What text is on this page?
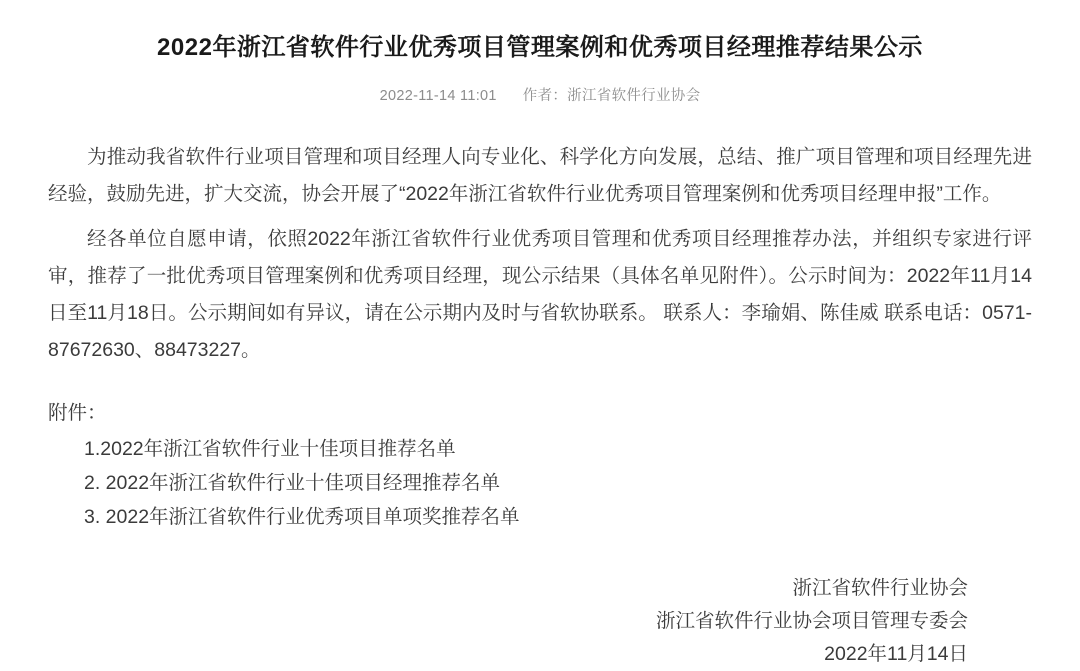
2022年浙江省软件行业优秀项目管理案例和优秀项目经理推荐结果公示
2022-11-14 11:01 作者：浙江省软件行业协会

为推动我省软件行业项目管理和项目经理人向专业化、科学化方向发展，总结、推广项目管理和项目经理先进经验，鼓励先进，扩大交流，协会开展了“2022年浙江省软件行业优秀项目管理案例和优秀项目经理申报”工作。

经各单位自愿申请，依照2022年浙江省软件行业优秀项目管理和优秀项目经理推荐办法，并组织专家进行评审，推荐了一批优秀项目管理案例和优秀项目经理，现公示结果（具体名单见附件）。公示时间为：2022年11月14日至11月18日。公示期间如有异议，请在公示期内及时与省软协联系。 联系人：李瑜娟、陈佳威 联系电话：0571-87672630、88473227。

附件：
1.2022年浙江省软件行业十佳项目推荐名单
2. 2022年浙江省软件行业十佳项目经理推荐名单
3. 2022年浙江省软件行业优秀项目单项奖推荐名单
浙江省软件行业协会
浙江省软件行业协会项目管理专委会
2022年11月14日
